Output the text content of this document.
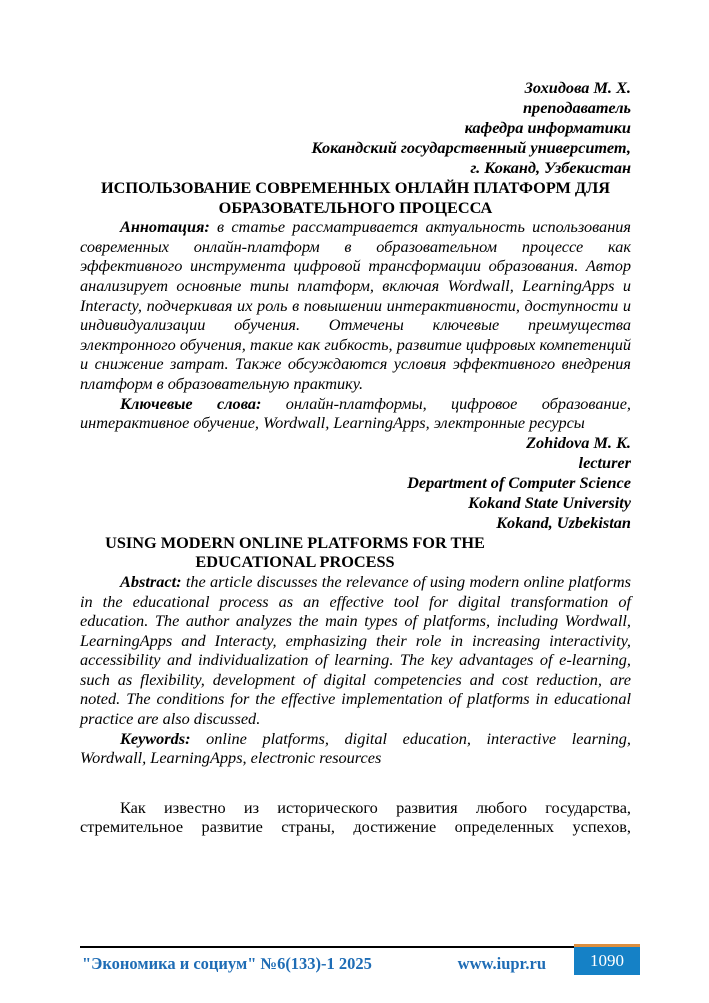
Зохидова М. Х.
преподаватель
кафедра информатики
Кокандский государственный университет,
г. Коканд, Узбекистан

ИСПОЛЬЗОВАНИЕ СОВРЕМЕННЫХ ОНЛАЙН ПЛАТФОРМ ДЛЯ ОБРАЗОВАТЕЛЬНОГО ПРОЦЕССА

Аннотация: в статье рассматривается актуальность использования современных онлайн-платформ в образовательном процессе как эффективного инструмента цифровой трансформации образования. Автор анализирует основные типы платформ, включая Wordwall, LearningApps и Interacty, подчеркивая их роль в повышении интерактивности, доступности и индивидуализации обучения. Отмечены ключевые преимущества электронного обучения, такие как гибкость, развитие цифровых компетенций и снижение затрат. Также обсуждаются условия эффективного внедрения платформ в образовательную практику.

Ключевые слова: онлайн-платформы, цифровое образование, интерактивное обучение, Wordwall, LearningApps, электронные ресурсы

Zohidova M. K.
lecturer
Department of Computer Science
Kokand State University
Kokand, Uzbekistan

USING MODERN ONLINE PLATFORMS FOR THE EDUCATIONAL PROCESS

Abstract: the article discusses the relevance of using modern online platforms in the educational process as an effective tool for digital transformation of education. The author analyzes the main types of platforms, including Wordwall, LearningApps and Interacty, emphasizing their role in increasing interactivity, accessibility and individualization of learning. The key advantages of e-learning, such as flexibility, development of digital competencies and cost reduction, are noted. The conditions for the effective implementation of platforms in educational practice are also discussed.

Keywords: online platforms, digital education, interactive learning, Wordwall, LearningApps, electronic resources

Как известно из исторического развития любого государства, стремительное развитие страны, достижение определенных успехов,

"Экономика и социум" №6(133)-1 2025	www.iupr.ru	1090
